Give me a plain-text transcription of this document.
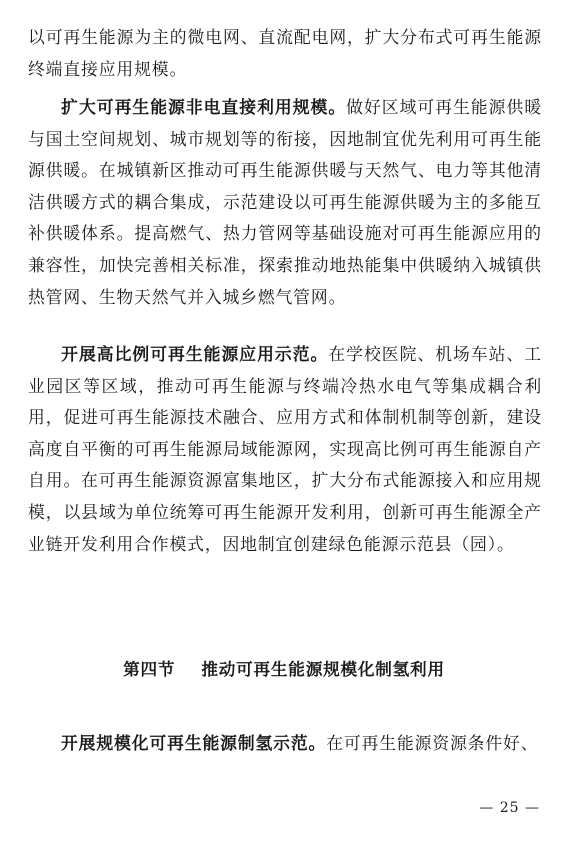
以可再生能源为主的微电网、直流配电网，扩大分布式可再生能源终端直接应用规模。

扩大可再生能源非电直接利用规模。做好区域可再生能源供暖与国土空间规划、城市规划等的衔接，因地制宜优先利用可再生能源供暖。在城镇新区推动可再生能源供暖与天然气、电力等其他清洁供暖方式的耦合集成，示范建设以可再生能源供暖为主的多能互补供暖体系。提高燃气、热力管网等基础设施对可再生能源应用的兼容性，加快完善相关标准，探索推动地热能集中供暖纳入城镇供热管网、生物天然气并入城乡燃气管网。

开展高比例可再生能源应用示范。在学校医院、机场车站、工业园区等区域，推动可再生能源与终端冷热水电气等集成耦合利用，促进可再生能源技术融合、应用方式和体制机制等创新，建设高度自平衡的可再生能源局域能源网，实现高比例可再生能源自产自用。在可再生能源资源富集地区，扩大分布式能源接入和应用规模，以县域为单位统筹可再生能源开发利用，创新可再生能源全产业链开发利用合作模式，因地制宜创建绿色能源示范县（园）。

第四节 推动可再生能源规模化制氢利用

开展规模化可再生能源制氢示范。在可再生能源资源条件好、

— 25 —
